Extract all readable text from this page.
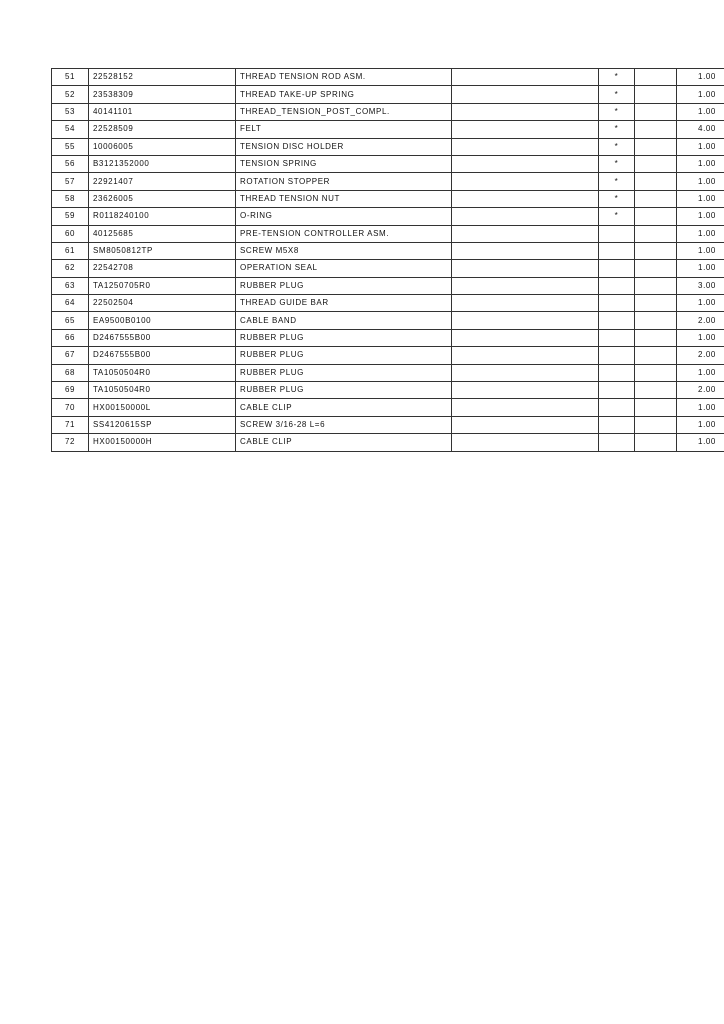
51	22528152	THREAD TENSION ROD ASM.		*		1.00
52	23538309	THREAD TAKE-UP SPRING		*		1.00
53	40141101	THREAD_TENSION_POST_COMPL.		*		1.00
54	22528509	FELT		*		4.00
55	10006005	TENSION DISC HOLDER		*		1.00
56	B3121352000	TENSION SPRING		*		1.00
57	22921407	ROTATION STOPPER		*		1.00
58	23626005	THREAD TENSION NUT		*		1.00
59	R0118240100	O-RING		*		1.00
60	40125685	PRE-TENSION CONTROLLER ASM.				1.00
61	SM8050812TP	SCREW M5X8				1.00
62	22542708	OPERATION SEAL				1.00
63	TA1250705R0	RUBBER PLUG				3.00
64	22502504	THREAD GUIDE BAR				1.00
65	EA9500B0100	CABLE BAND				2.00
66	D2467555B00	RUBBER PLUG				1.00
67	D2467555B00	RUBBER PLUG				2.00
68	TA1050504R0	RUBBER PLUG				1.00
69	TA1050504R0	RUBBER PLUG				2.00
70	HX00150000L	CABLE CLIP				1.00
71	SS4120615SP	SCREW 3/16-28 L=6				1.00
72	HX00150000H	CABLE CLIP				1.00
